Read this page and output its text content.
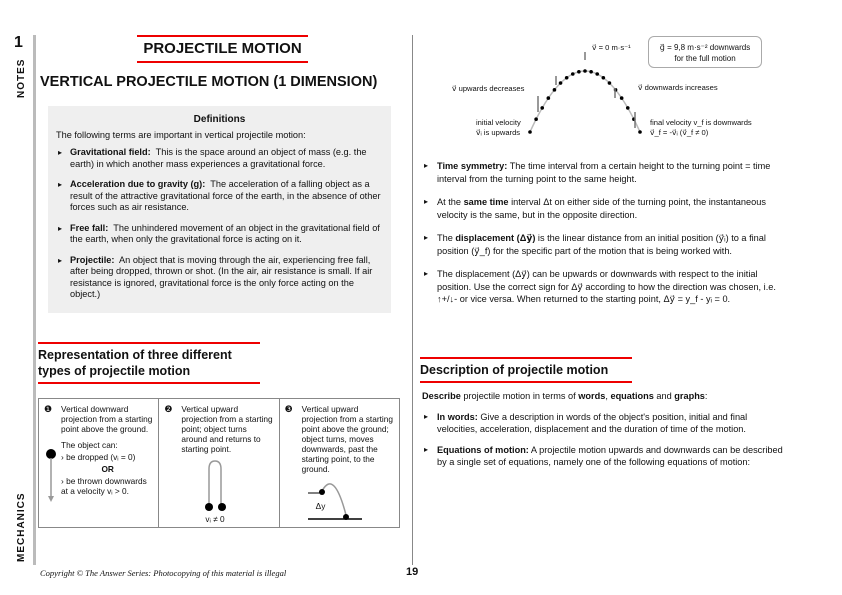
1
NOTES
MECHANICS
PROJECTILE MOTION
VERTICAL PROJECTILE MOTION (1 DIMENSION)
Definitions
The following terms are important in vertical projectile motion:
▸ Gravitational field: This is the space around an object of mass (e.g. the earth) in which another mass experiences a gravitational force.
▸ Acceleration due to gravity (g): The acceleration of a falling object as a result of the attractive gravitational force of the earth, in the absence of other forces such as air resistance.
▸ Free fall: The unhindered movement of an object in the gravitational field of the earth, when only the gravitational force is acting on it.
▸ Projectile: An object that is moving through the air, experiencing free fall, after being dropped, thrown or shot. (In the air, air resistance is small. If air resistance is ignored, gravitational force is the only force acting on the object.)
Representation of three different types of projectile motion
❶ Vertical downward projection from a starting point above the ground.
The object can:
› be dropped (vᵢ = 0)
OR
› be thrown downwards at a velocity vᵢ > 0.
❷ Vertical upward projection from a starting point; object turns around and returns to starting point.
vᵢ ≠ 0
❸ Vertical upward projection from a starting point above the ground; object turns, moves downwards, past the starting point, to the ground.
Δy
v⃗ = 0 m·s⁻¹	g⃗ = 9,8 m·s⁻² downwards
for the full motion
v⃗ upwards decreases	v⃗ downwards increases
initial velocity
v⃗ᵢ is upwards
final velocity v_f is downwards
v⃗_f = -v⃗ᵢ (v⃗_f ≠ 0)
▸ Time symmetry: The time interval from a certain height to the turning point = time interval from the turning point to the same height.
▸ At the same time interval Δt on either side of the turning point, the instantaneous velocity is the same, but in the opposite direction.
▸ The displacement (Δy⃗) is the linear distance from an initial position (y⃗ᵢ) to a final position (y⃗_f) for the specific part of the motion that is being worked with.
▸ The displacement (Δy⃗) can be upwards or downwards with respect to the initial position. Use the correct sign for Δy⃗ according to how the direction was chosen, i.e. ↑+/↓- or vice versa. When returned to the starting point, Δy⃗ = y_f - yᵢ = 0.
Description of projectile motion
Describe projectile motion in terms of words, equations and graphs:
▸ In words: Give a description in words of the object's position, initial and final velocities, acceleration, displacement and the duration of time of the motion.
▸ Equations of motion: A projectile motion upwards and downwards can be described by a single set of equations, namely one of the following equations of motion:
Copyright © The Answer Series: Photocopying of this material is illegal	19
